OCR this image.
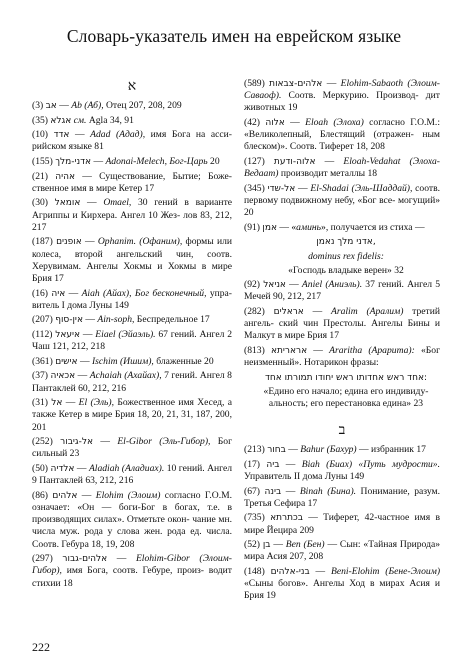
Словарь-указатель имен на еврейском языке
א
אב (3) — Ab (Аб), Отец 207, 208, 209
אגלא (35) см. Agla 34, 91
אדד (10) — Adad (Адад), имя Бога на асси- рийском языке 81
אדני-מלך (155) — Adonai-Melech, Бог-Царь 20
אהיה (21) — Существование, Бытие; Боже- ственное имя в мире Кетер 17
אומאל (30) — Omael, 30 гений в варианте Агриппы и Кирхера. Ангел 10 Жез- лов 83, 212, 217
אופנים (187) — Ophanim. (Офаним), формы или колеса, второй ангельский чин, соотв. Херувимам. Ангелы Хокмы и Хокмы в мире Брия 17
איה (16) — Aiah (Айах), Бог бесконечный, упра- витель I дома Луны 149
אין-סוף (207) — Ain-soph, Беспредельное 17
איעאל (112) — Eiael (Эйаэль). 67 гений. Ангел 2 Чаш 121, 212, 218
אישים (361) — Ischim (Ишим), блаженные 20
אכאיה (37) — Achaiah (Ахайах), 7 гений. Ангел 8 Пантаклей 60, 212, 216
אל (31) — El (Эль), Божественное имя Хесед, а также Кетер в мире Брия 18, 20, 21, 31, 187, 200, 201
אל-גיבור (252) — El-Gibor (Эль-Гибор), Бог сильный 23
אלדיה (50) — Aladiah (Аладиах). 10 гений. Ангел 9 Пантаклей 63, 212, 216
אלהים (86) — Elohim (Элоим) согласно Г.О.М. означает: «Он — боги-Бог в богах, т.е. в производящих силах». Отметьте окон- чание мн. числа муж. рода у слова жен. рода ед. числа. Соотв. Гебура 18, 19, 208
אלהים-גבור (297) — Elohim-Gibor (Элоим- Гибор), имя Бога, соотв. Гебуре, произ- водит стихии 18
אלהים-צבאות (589) — Elohim-Sabaoth (Элоим- Саваоф). Соотв. Меркурию. Производ- дит животных 19
אלוה (42) — Eloah (Элоха) согласно Г.О.М.: «Великолепный, Блестящий (отражен- ным блеском)». Соотв. Тиферет 18, 208
אלוה-ודעת (127) — Eloah-Vedahat (Элоха- Ведаат) производит металлы 18
אל-שדי (345) — El-Shadai (Эль-Шаддай), соотв. первому подвижному небу, «Бог все- могущий» 20
אמן (91) — «аминь», получается из стиха —
אדני מלך נאמן,
dominus rex fidelis:
«Господь владыке верен» 32
אניאל (92) — Aniel (Аниэль). 37 гений. Ангел 5 Мечей 90, 212, 217
אראלים (282) — Aralim (Аралим) третий ангель- ский чин Престолы. Ангелы Бины и Малкут в мире Брия 17
אראריתא (813) — Araritha (Арарита): «Бог неизменный». Нотарикон фразы:
אחד ראש אחדותו ראש יחודו תמורתו אחד:
«Едино его начало; едина его индивиду- альность; его перестановка едина» 23
ב
בחור (213) — Bahur (Бахур) — избранник 17
ביה (17) — Biah (Биах) «Путь мудрости». Управитель II дома Луны 149
בינה (67) — Binah (Бина). Понимание, разум. Третья Сефира 17
בכתרתא (735) — Тиферет, 42-частное имя в мире Йецира 209
בן (52) — Ben (Бен) — Сын: «Тайная Природа» мира Асия 207, 208
בני-אלהים (148) — Beni-Elohim (Бене-Элоим) «Сыны богов». Ангелы Ход в мирах Асия и Брия 19
222
